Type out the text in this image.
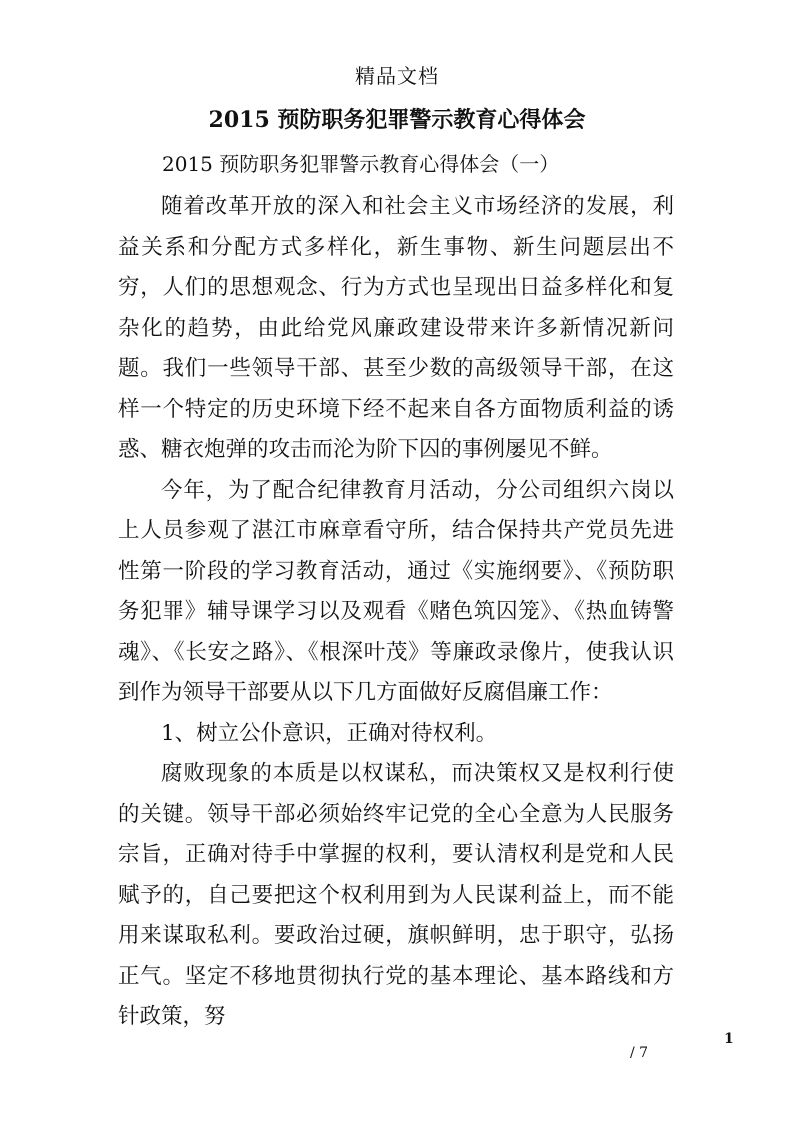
精品文档
2015 预防职务犯罪警示教育心得体会
2015 预防职务犯罪警示教育心得体会（一）

随着改革开放的深入和社会主义市场经济的发展，利益关系和分配方式多样化，新生事物、新生问题层出不穷，人们的思想观念、行为方式也呈现出日益多样化和复杂化的趋势，由此给党风廉政建设带来许多新情况新问题。我们一些领导干部、甚至少数的高级领导干部，在这样一个特定的历史环境下经不起来自各方面物质利益的诱惑、糖衣炮弹的攻击而沦为阶下囚的事例屡见不鲜。

今年，为了配合纪律教育月活动，分公司组织六岗以上人员参观了湛江市麻章看守所，结合保持共产党员先进性第一阶段的学习教育活动，通过《实施纲要》、《预防职务犯罪》辅导课学习以及观看《赌色筑囚笼》、《热血铸警魂》、《长安之路》、《根深叶茂》等廉政录像片，使我认识到作为领导干部要从以下几方面做好反腐倡廉工作：

1、树立公仆意识，正确对待权利。

腐败现象的本质是以权谋私，而决策权又是权利行使的关键。领导干部必须始终牢记党的全心全意为人民服务宗旨，正确对待手中掌握的权利，要认清权利是党和人民赋予的，自己要把这个权利用到为人民谋利益上，而不能用来谋取私利。要政治过硬，旗帜鲜明，忠于职守，弘扬正气。坚定不移地贯彻执行党的基本理论、基本路线和方针政策，努

1
/ 7
